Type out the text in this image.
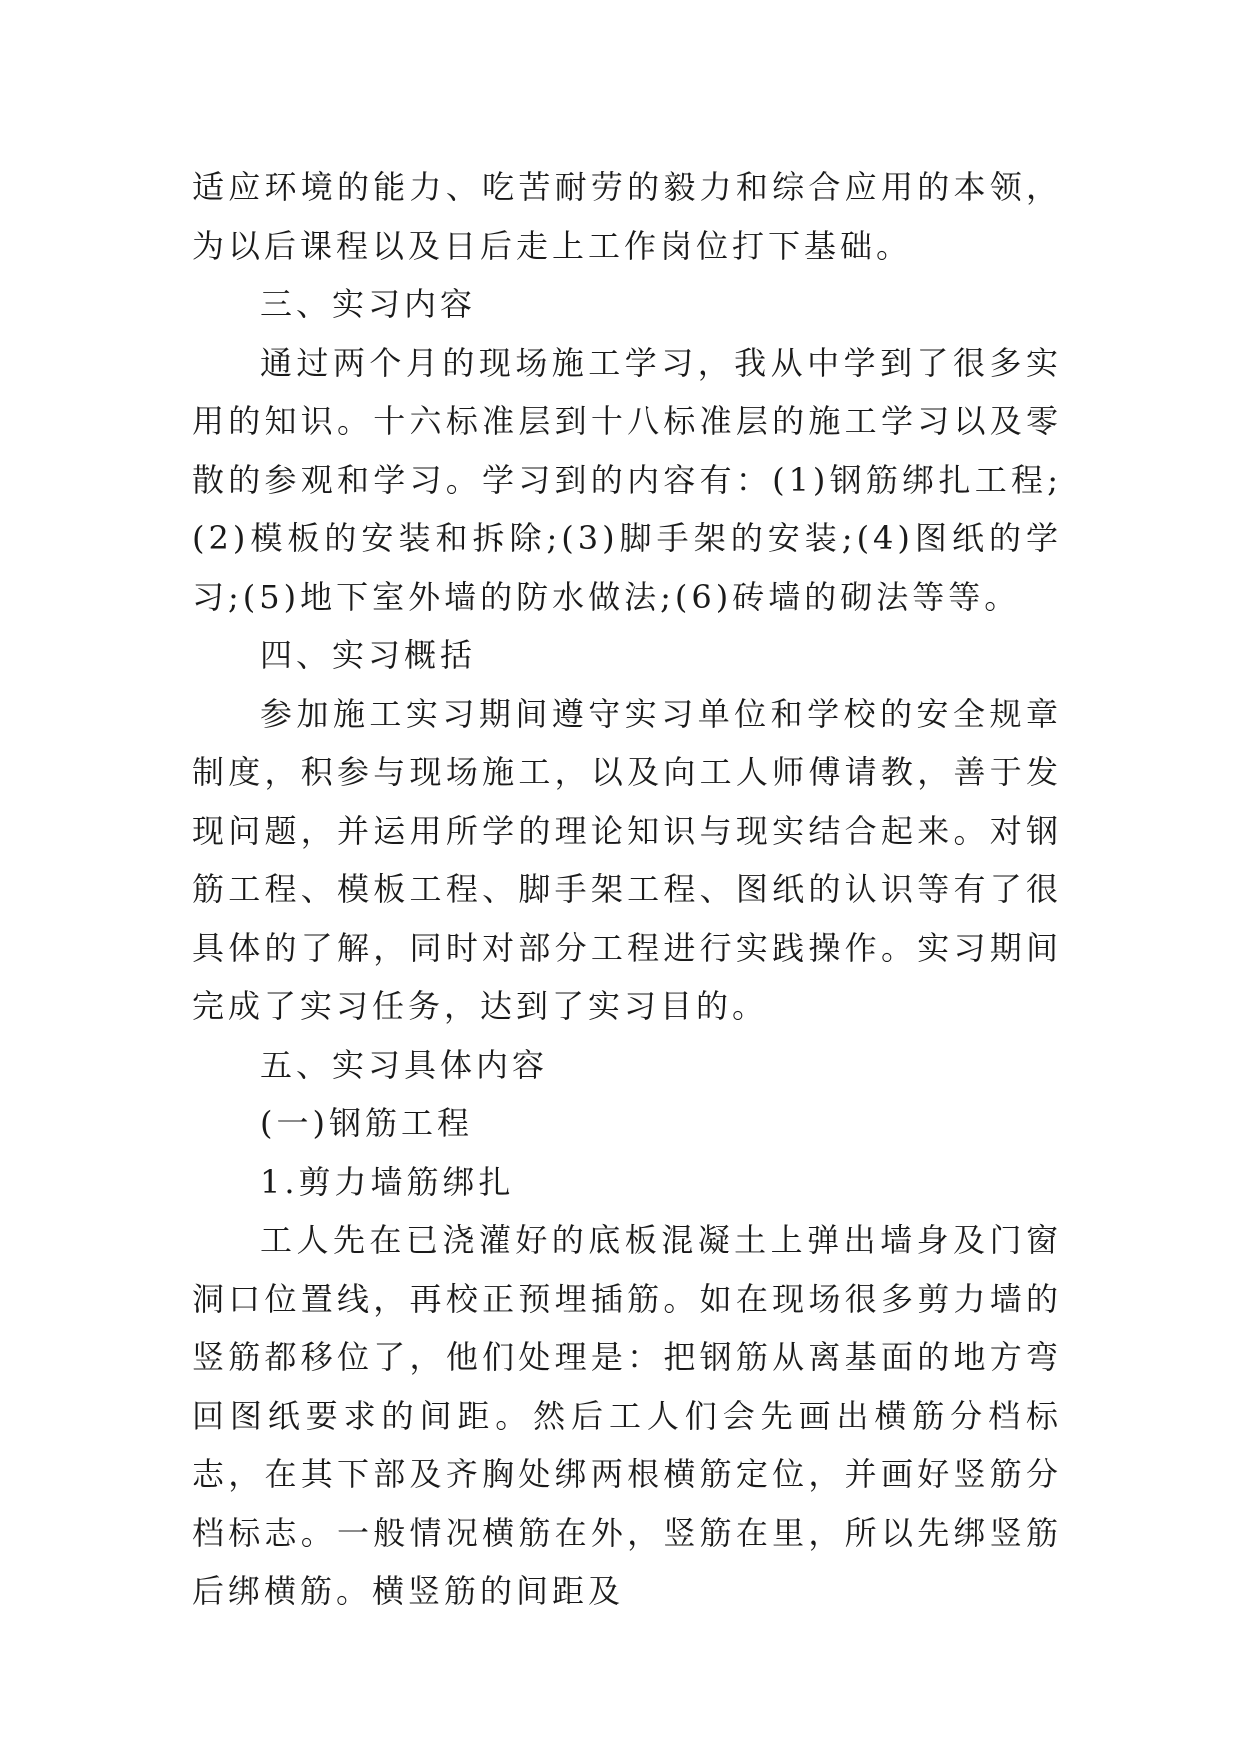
适应环境的能力、吃苦耐劳的毅力和综合应用的本领，为以后课程以及日后走上工作岗位打下基础。

三、实习内容

通过两个月的现场施工学习，我从中学到了很多实用的知识。十六标准层到十八标准层的施工学习以及零散的参观和学习。学习到的内容有：(1)钢筋绑扎工程;(2)模板的安装和拆除;(3)脚手架的安装;(4)图纸的学习;(5)地下室外墙的防水做法;(6)砖墙的砌法等等。

四、实习概括

参加施工实习期间遵守实习单位和学校的安全规章制度，积参与现场施工，以及向工人师傅请教，善于发现问题，并运用所学的理论知识与现实结合起来。对钢筋工程、模板工程、脚手架工程、图纸的认识等有了很具体的了解，同时对部分工程进行实践操作。实习期间完成了实习任务，达到了实习目的。

五、实习具体内容

(一)钢筋工程

1.剪力墙筋绑扎

工人先在已浇灌好的底板混凝土上弹出墙身及门窗洞口位置线，再校正预埋插筋。如在现场很多剪力墙的竖筋都移位了，他们处理是：把钢筋从离基面的地方弯回图纸要求的间距。然后工人们会先画出横筋分档标志，在其下部及齐胸处绑两根横筋定位，并画好竖筋分档标志。一般情况横筋在外，竖筋在里，所以先绑竖筋后绑横筋。横竖筋的间距及
